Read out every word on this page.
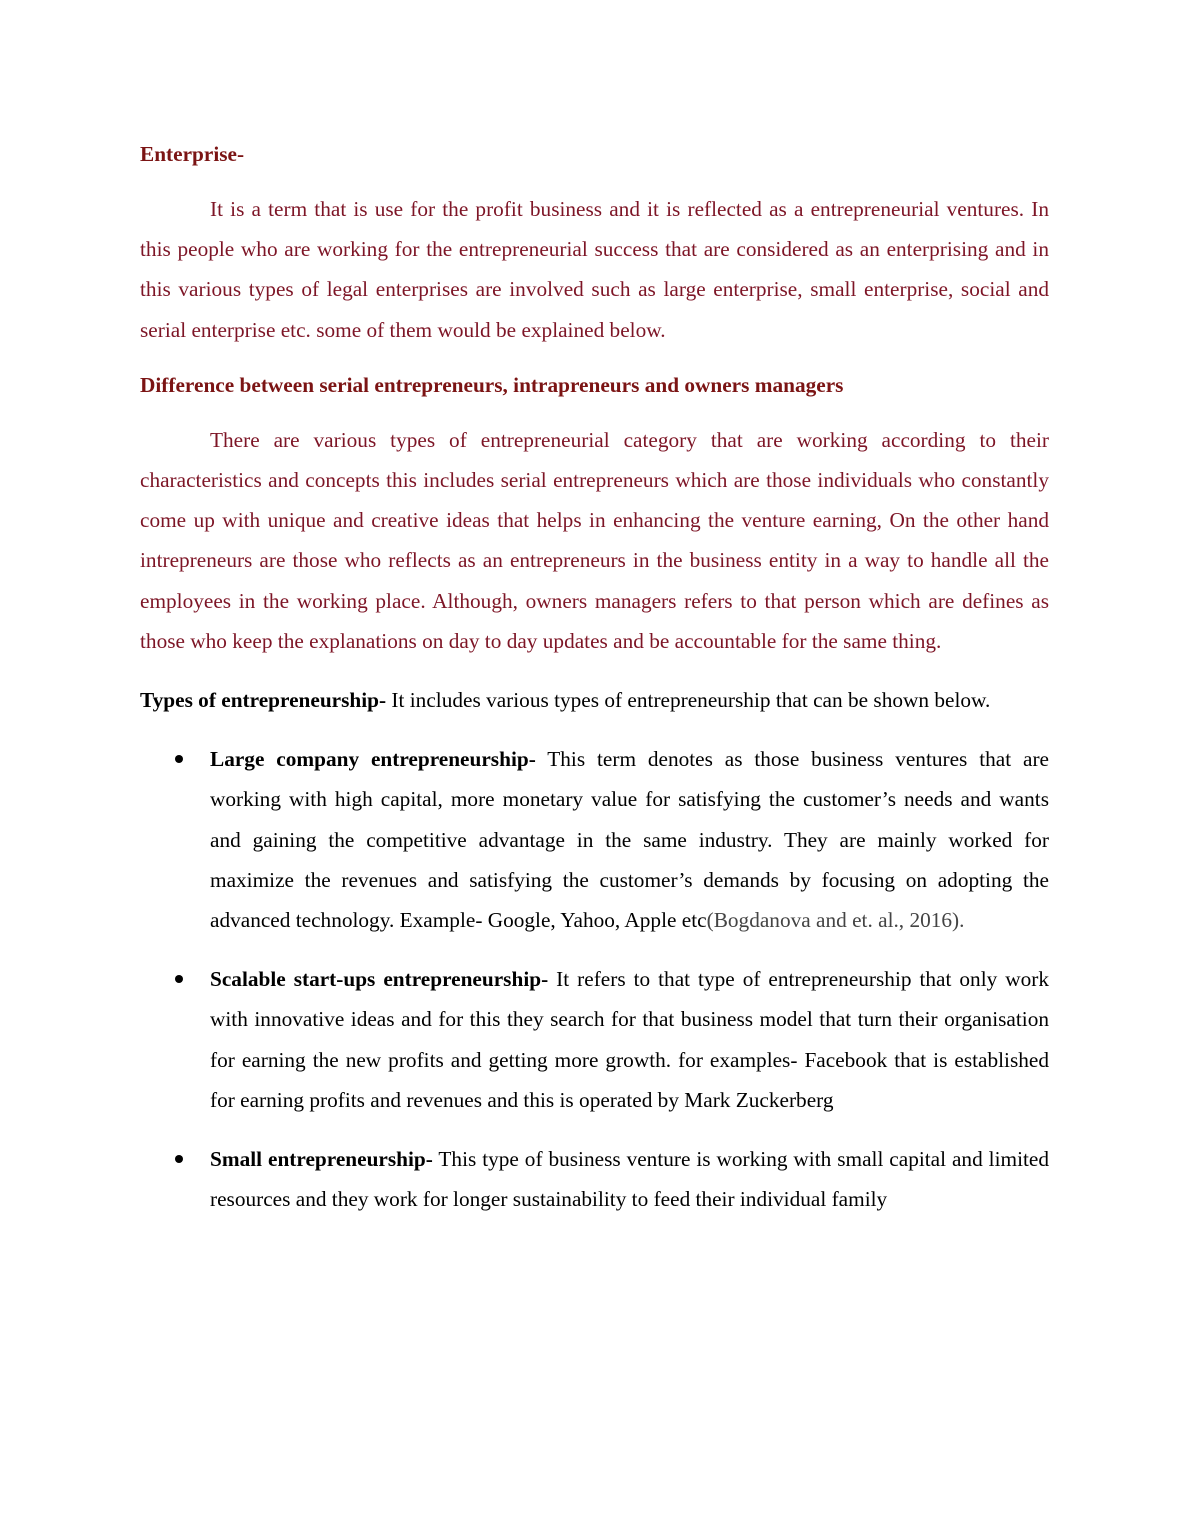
Enterprise-

It is a term that is use for the profit business and it is reflected as a entrepreneurial ventures. In this people who are working for the entrepreneurial success that are considered as an enterprising and in this various types of legal enterprises are involved such as large enterprise, small enterprise, social and serial enterprise etc. some of them would be explained below.

Difference between serial entrepreneurs, intrapreneurs and owners managers

There are various types of entrepreneurial category that are working according to their characteristics and concepts this includes serial entrepreneurs which are those individuals who constantly come up with unique and creative ideas that helps in enhancing the venture earning, On the other hand intrepreneurs are those who reflects as an entrepreneurs in the business entity in a way to handle all the employees in the working place. Although, owners managers refers to that person which are defines as those who keep the explanations on day to day updates and be accountable for the same thing.

Types of entrepreneurship- It includes various types of entrepreneurship that can be shown below.

Large company entrepreneurship- This term denotes as those business ventures that are working with high capital, more monetary value for satisfying the customer’s needs and wants and gaining the competitive advantage in the same industry. They are mainly worked for maximize the revenues and satisfying the customer’s demands by focusing on adopting the advanced technology. Example- Google, Yahoo, Apple etc(Bogdanova and et. al., 2016).
Scalable start-ups entrepreneurship- It refers to that type of entrepreneurship that only work with innovative ideas and for this they search for that business model that turn their organisation for earning the new profits and getting more growth. for examples- Facebook that is established for earning profits and revenues and this is operated by Mark Zuckerberg
Small entrepreneurship- This type of business venture is working with small capital and limited resources and they work for longer sustainability to feed their individual family
